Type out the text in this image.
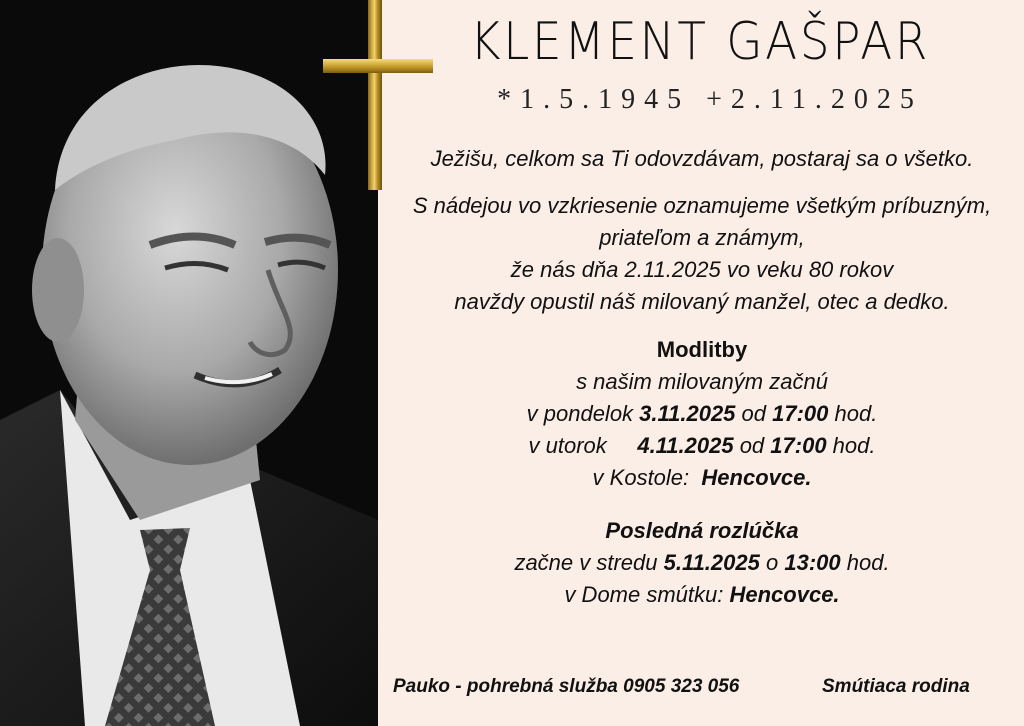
KLEMENT GAŠPAR
*1.5.1945 +2.11.2025
Ježišu, celkom sa Ti odovzdávam, postaraj sa o všetko.
S nádejou vo vzkriesenie oznamujeme všetkým príbuzným,
priateľom a známym,
že nás dňa 2.11.2025 vo veku 80 rokov
navždy opustil náš milovaný manžel, otec a dedko.
Modlitby
s našim milovaným začnú
v pondelok 3.11.2025 od 17:00 hod.
v utorok     4.11.2025 od 17:00 hod.
v Kostole:  Hencovce.
Posledná rozlúčka
začne v stredu 5.11.2025 o 13:00 hod.
v Dome smútku: Hencovce.
Pauko - pohrebná služba 0905 323 056	Smútiaca rodina
